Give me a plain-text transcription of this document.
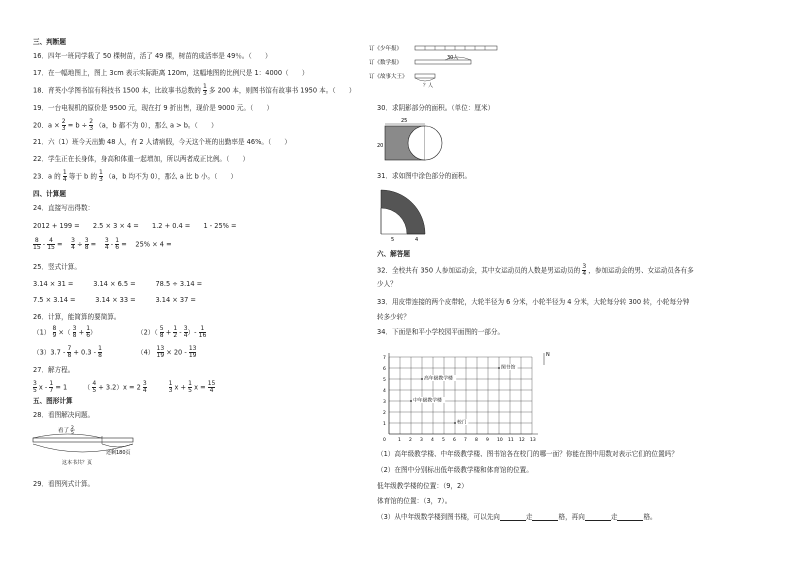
三、判断题
16．四年一班同学栽了 50 棵树苗，活了 49 棵，树苗的成活率是 49％。（　　）
17．在一幅地图上，图上 3cm 表示实际距离 120m，这幅地图的比例尺是 1：4000（　　）
18．育英小学图书馆有科技书 1500 本，比故事书总数的 $\frac{1}{3}$ 多 200 本，则图书馆有故事书 1950 本。（　　）
19．一台电视机的原价是 9500 元，现在打 9 折出售，现价是 9000 元。（　　）
20．$a \times \frac{2}{3} = b \div \frac{2}{3} (a$，b 都不为 0），那么 a > b。（　　）
21．六（1）班今天出勤 48 人，有 2 人请病假，今天这个班的出勤率是 46%。（　　）
22．学生正在长身体，身高和体重一起增加，所以两者成正比例。（　　）
23．a 的 $\frac{1}{4}$ 等于 b 的 $\frac{1}{3} (a$，b 均不为 0），那么 a 比 b 小。（　　）
四、计算题
24．直接写出得数：
2012 + 199 =　　2.5 × 3 × 4 =　　1.2 + 0.4 =　　1 - 25% =
$\frac{8}{15} - \frac{4}{15}$ =　 $\frac{3}{4} \div \frac{3}{8}$ =　 $\frac{3}{4} - \frac{1}{6}$ =　 25% × 4 =
25．竖式计算。
3.14 × 31 =　　　3.14 × 6.5 =　　　78.5 ÷ 3.14 =
7.5 × 3.14 =　　　3.14 × 33 =　　　3.14 × 37 =
26．计算，能简算的要简算。
$(1) \frac{8}{9}$ ×（ $\frac{3}{8} + \frac{1}{6}$ ）	$(2)( \frac{5}{8} + \frac{1}{2} - \frac{3}{4}$ ）- $\frac{1}{16}$
$(3)3.7 - \frac{7}{8} + 0.3 - \frac{1}{8}$	$(4) \frac{13}{19} \times 20 - \frac{13}{19}$
27．解方程。
$\frac{3}{5}$ $x - \frac{1}{7} = 1$　　　（ $\frac{4}{5} + 3.2)x = 2 \frac{3}{4}$
　　　	$\frac{1}{3}$ $x + \frac{1}{5}$ $x = \frac{15}{4}$
五、图形计算
28．看图解决问题。
看了 2
5
还剩180页
这本书共？页
29．看图列式计算。
订《少年报》
订《数学报》
30人
订《故事大王》
？人
30．求阴影部分的面积。（单位：厘米）
25
20
31．求如图中涂色部分的面积。
5	4
六、解答题
32．全校共有 350 人参加运动会，其中女运动员的人数是男运动员的 $\frac{3}{4}$ ，参加运动会的男、女运动员各有多
少人？
33．用皮带连接的两个皮带轮，大轮半径为 6 分米，小轮半径为 4 分米，大轮每分转 300 转，小轮每分钟
转多少转？
34．下面是和平小学校园平面图的一部分。
1 2 3 4 5 6 7 8 9 10 11 12 13
1
2
3
4
5
6
7
0
N
图书馆
高年级教学楼
中年级教学楼
校门
（1）高年级教学楼、中年级教学楼、图书馆各在校门的哪一面？你能在图中用数对表示它们的位置吗？
（2）在图中分别标出低年级教学楼和体育馆的位置。
低年级教学楼的位置：（9，2）
体育馆的位置：（3，7）。
（3）从中年级数学楼到图书楼，可以先向	走	格，再向	走	格。
